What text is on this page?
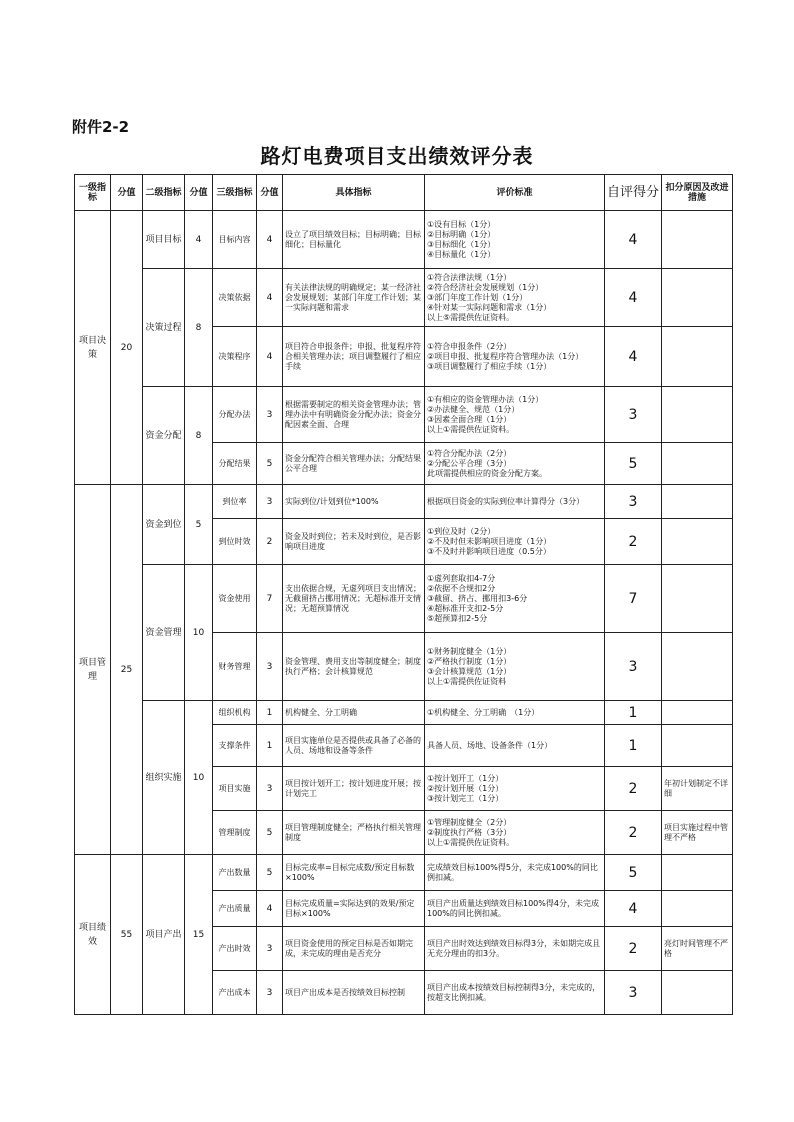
附件2-2
路灯电费项目支出绩效评分表
一级指标	分值	二级指标	分值	三级指标	分值	具体指标	评价标准	自评得分	扣分原因及改进措施
项目决策	20	项目目标	4	目标内容	4	设立了项目绩效目标；目标明确；目标细化；目标量化	①设有目标（1分）
②目标明确（1分）
③目标细化（1分）
④目标量化（1分）	4	
		决策过程	8	决策依据	4	有关法律法规的明确规定；某一经济社会发展规划；某部门年度工作计划；某一实际问题和需求	①符合法律法规（1分）
②符合经济社会发展规划（1分）
③部门年度工作计划（1分）
④针对某一实际问题和需求（1分）
以上⑤需提供佐证资料。	4	
				决策程序	4	项目符合申报条件；申报、批复程序符合相关管理办法；项目调整履行了相应手续	①符合申报条件（2分）
②项目申报、批复程序符合管理办法（1分）
③项目调整履行了相应手续（1分）	4	
		资金分配	8	分配办法	3	根据需要制定的相关资金管理办法；管理办法中有明确资金分配办法；资金分配因素全面、合理	①有相应的资金管理办法（1分）
②办法健全、规范（1分）
③因素全面合理（1分）
以上①需提供佐证资料。	3	
				分配结果	5	资金分配符合相关管理办法；分配结果公平合理	①符合分配办法（2分）
②分配公平合理（3分）
此项需提供相应的资金分配方案。	5	
项目管理	25	资金到位	5	到位率	3	实际到位/计划到位*100%	根据项目资金的实际到位率计算得分（3分）	3	
				到位时效	2	资金及时到位；若未及时到位，是否影响项目进度	①到位及时（2分）
②不及时但未影响项目进度（1分）
③不及时并影响项目进度（0.5分）	2	
		资金管理	10	资金使用	7	支出依据合规，无虚列项目支出情况；无截留挤占挪用情况；无超标准开支情况；无超预算情况	①虚列套取扣4-7分
②依据不合规扣2分
③截留、挤占、挪用扣3-6分
④超标准开支扣2-5分
⑤超预算扣2-5分	7	
				财务管理	3	资金管理、费用支出等制度健全；制度执行严格；会计核算规范	①财务制度健全（1分）
②严格执行制度（1分）
③会计核算规范（1分）
以上①需提供佐证资料	3	
		组织实施	10	组织机构	1	机构健全、分工明确	①机构健全、分工明确　（1分）	1	
				支撑条件	1	项目实施单位是否提供或具备了必备的人员、场地和设备等条件	具备人员、场地、设备条件（1分）	1	
				项目实施	3	项目按计划开工；按计划进度开展；按计划完工	①按计划开工（1分）
②按计划开展（1分）
③按计划完工（1分）	2	年初计划制定不详细
				管理制度	5	项目管理制度健全；严格执行相关管理制度	①管理制度健全（2分）
②制度执行严格（3分）
以上①需提供佐证资料。	2	项目实施过程中管理不严格
项目绩效	55	项目产出	15	产出数量	5	目标完成率=目标完成数/预定目标数×100%	完成绩效目标100%得5分，未完成100%的同比例扣减。	5	
				产出质量	4	目标完成质量=实际达到的效果/预定目标×100%	项目产出质量达到绩效目标100%得4分，未完成100%的同比例扣减。	4	
				产出时效	3	项目资金使用的预定目标是否如期完成，未完成的理由是否充分	项目产出时效达到绩效目标得3分，未如期完成且无充分理由的扣3分。	2	亮灯时间管理不严格
				产出成本	3	项目产出成本是否按绩效目标控制	项目产出成本按绩效目标控制得3分，未完成的，按超支比例扣减。	3	
